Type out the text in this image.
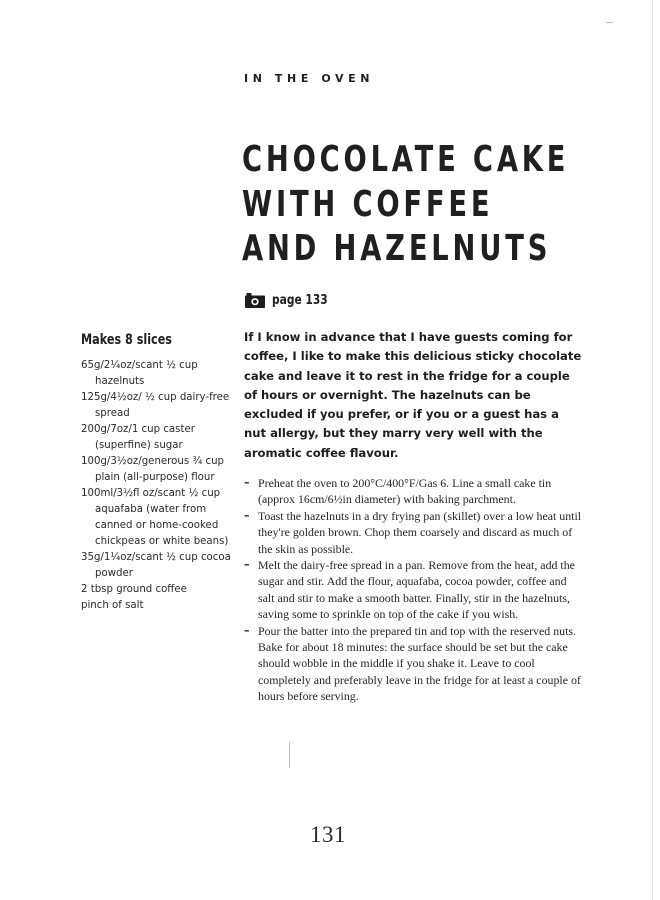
IN THE OVEN
CHOCOLATE CAKE
WITH COFFEE
AND HAZELNUTS
page 133
Makes 8 slices
65g/2¼oz/scant ½ cup hazelnuts
125g/4½oz/ ½ cup dairy-free spread
200g/7oz/1 cup caster (superfine) sugar
100g/3½oz/generous ¾ cup plain (all-purpose) flour
100ml/3½fl oz/scant ½ cup aquafaba (water from canned or home-cooked chickpeas or white beans)
35g/1¼oz/scant ½ cup cocoa powder
2 tbsp ground coffee
pinch of salt

If I know in advance that I have guests coming for coffee, I like to make this delicious sticky chocolate cake and leave it to rest in the fridge for a couple of hours or overnight. The hazelnuts can be excluded if you prefer, or if you or a guest has a nut allergy, but they marry very well with the aromatic coffee flavour.

– Preheat the oven to 200°C/400°F/Gas 6. Line a small cake tin (approx 16cm/6½in diameter) with baking parchment.
– Toast the hazelnuts in a dry frying pan (skillet) over a low heat until they're golden brown. Chop them coarsely and discard as much of the skin as possible.
– Melt the dairy-free spread in a pan. Remove from the heat, add the sugar and stir. Add the flour, aquafaba, cocoa powder, coffee and salt and stir to make a smooth batter. Finally, stir in the hazelnuts, saving some to sprinkle on top of the cake if you wish.
– Pour the batter into the prepared tin and top with the reserved nuts. Bake for about 18 minutes: the surface should be set but the cake should wobble in the middle if you shake it. Leave to cool completely and preferably leave in the fridge for at least a couple of hours before serving.
131
